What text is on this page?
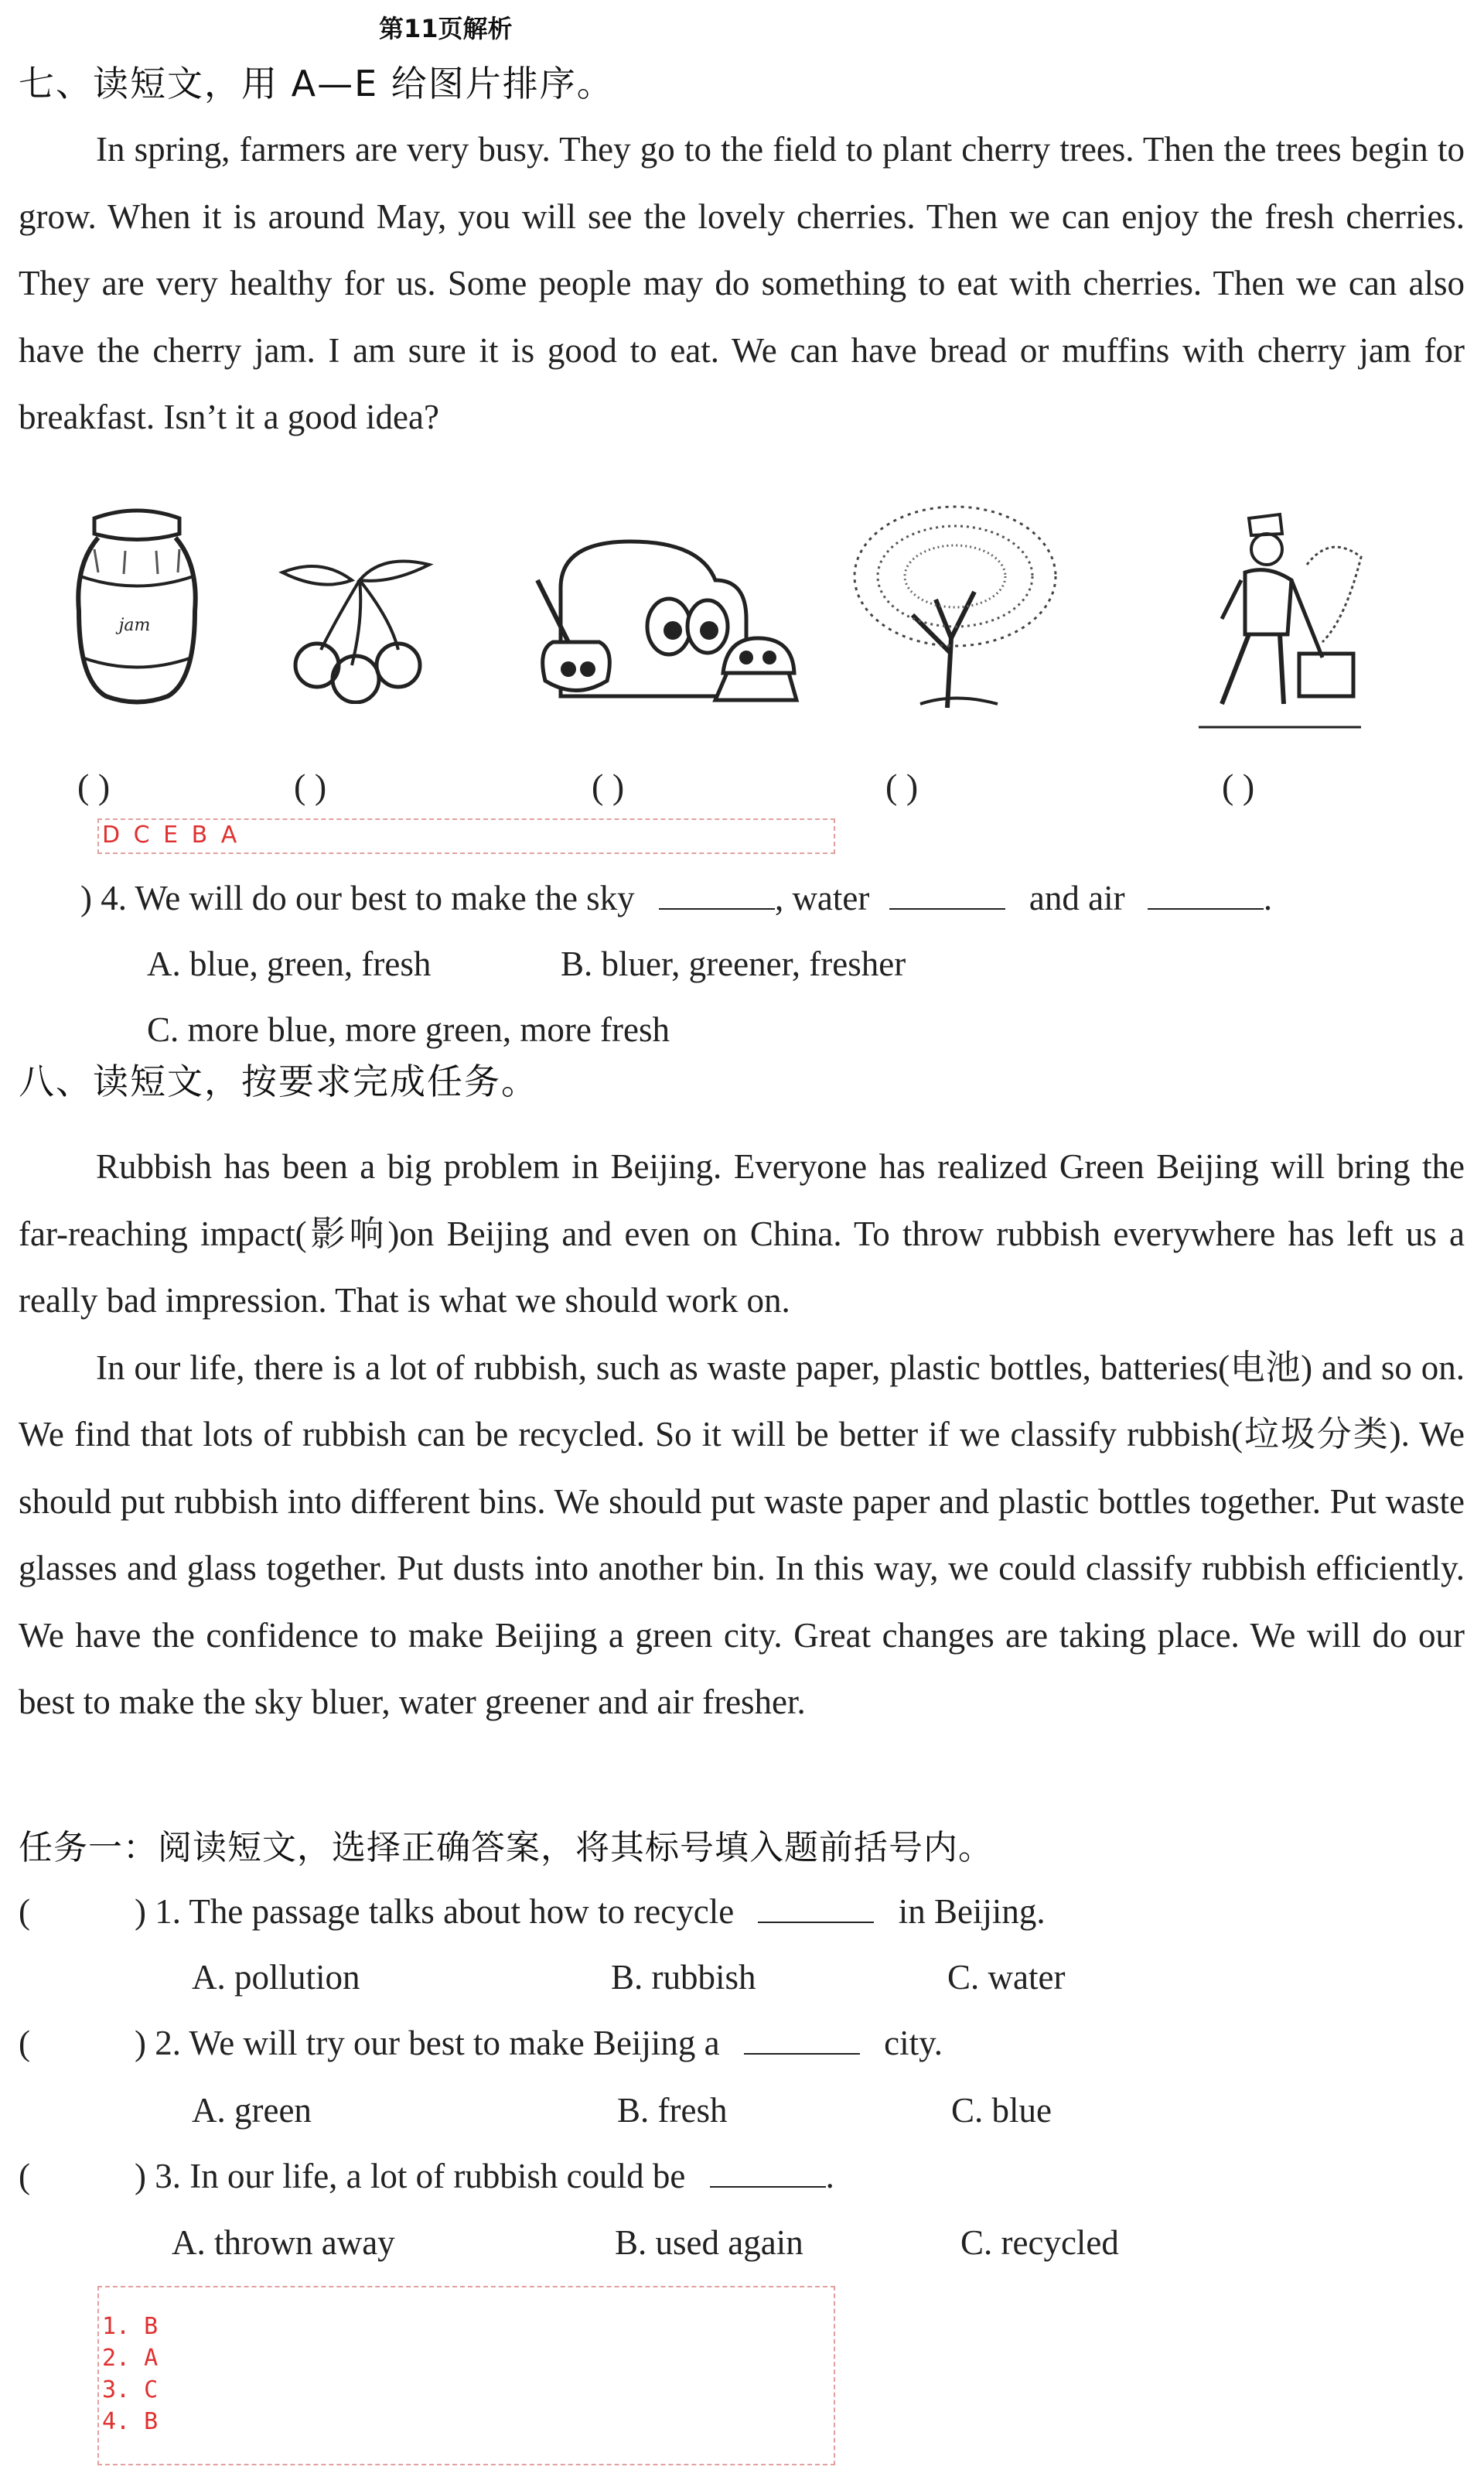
第11页解析
七、读短文，用 A—E 给图片排序。

In spring, farmers are very busy. They go to the field to plant cherry trees. Then the trees begin to grow. When it is around May, you will see the lovely cherries. Then we can enjoy the fresh cherries. They are very healthy for us. Some people may do something to eat with cherries. Then we can also have the cherry jam. I am sure it is good to eat. We can have bread or muffins with cherry jam for breakfast. Isn’t it a good idea?

jam
( )	( )	( )	( )	( )
D C E B A
) 4. We will do our best to make the sky	, water	and air	.
A. blue, green, fresh	B. bluer, greener, fresher
C. more blue, more green, more fresh
八、读短文，按要求完成任务。

Rubbish has been a big problem in Beijing. Everyone has realized Green Beijing will bring the far-reaching impact(影响)on Beijing and even on China. To throw rubbish everywhere has left us a really bad impression. That is what we should work on.

In our life, there is a lot of rubbish, such as waste paper, plastic bottles, batteries(电池) and so on. We find that lots of rubbish can be recycled. So it will be better if we classify rubbish(垃圾分类). We should put rubbish into different bins. We should put waste paper and plastic bottles together. Put waste glasses and glass together. Put dusts into another bin. In this way, we could classify rubbish efficiently. We have the confidence to make Beijing a green city. Great changes are taking place. We will do our best to make the sky bluer, water greener and air fresher.

任务一：阅读短文，选择正确答案，将其标号填入题前括号内。
(	) 1. The passage talks about how to recycle	in Beijing.
A. pollution	B. rubbish	C. water
(	) 2. We will try our best to make Beijing a	city.
A. green	B. fresh	C. blue
(	) 3. In our life, a lot of rubbish could be	.
A. thrown away	B. used again	C. recycled
1. B
2. A
3. C
4. B
